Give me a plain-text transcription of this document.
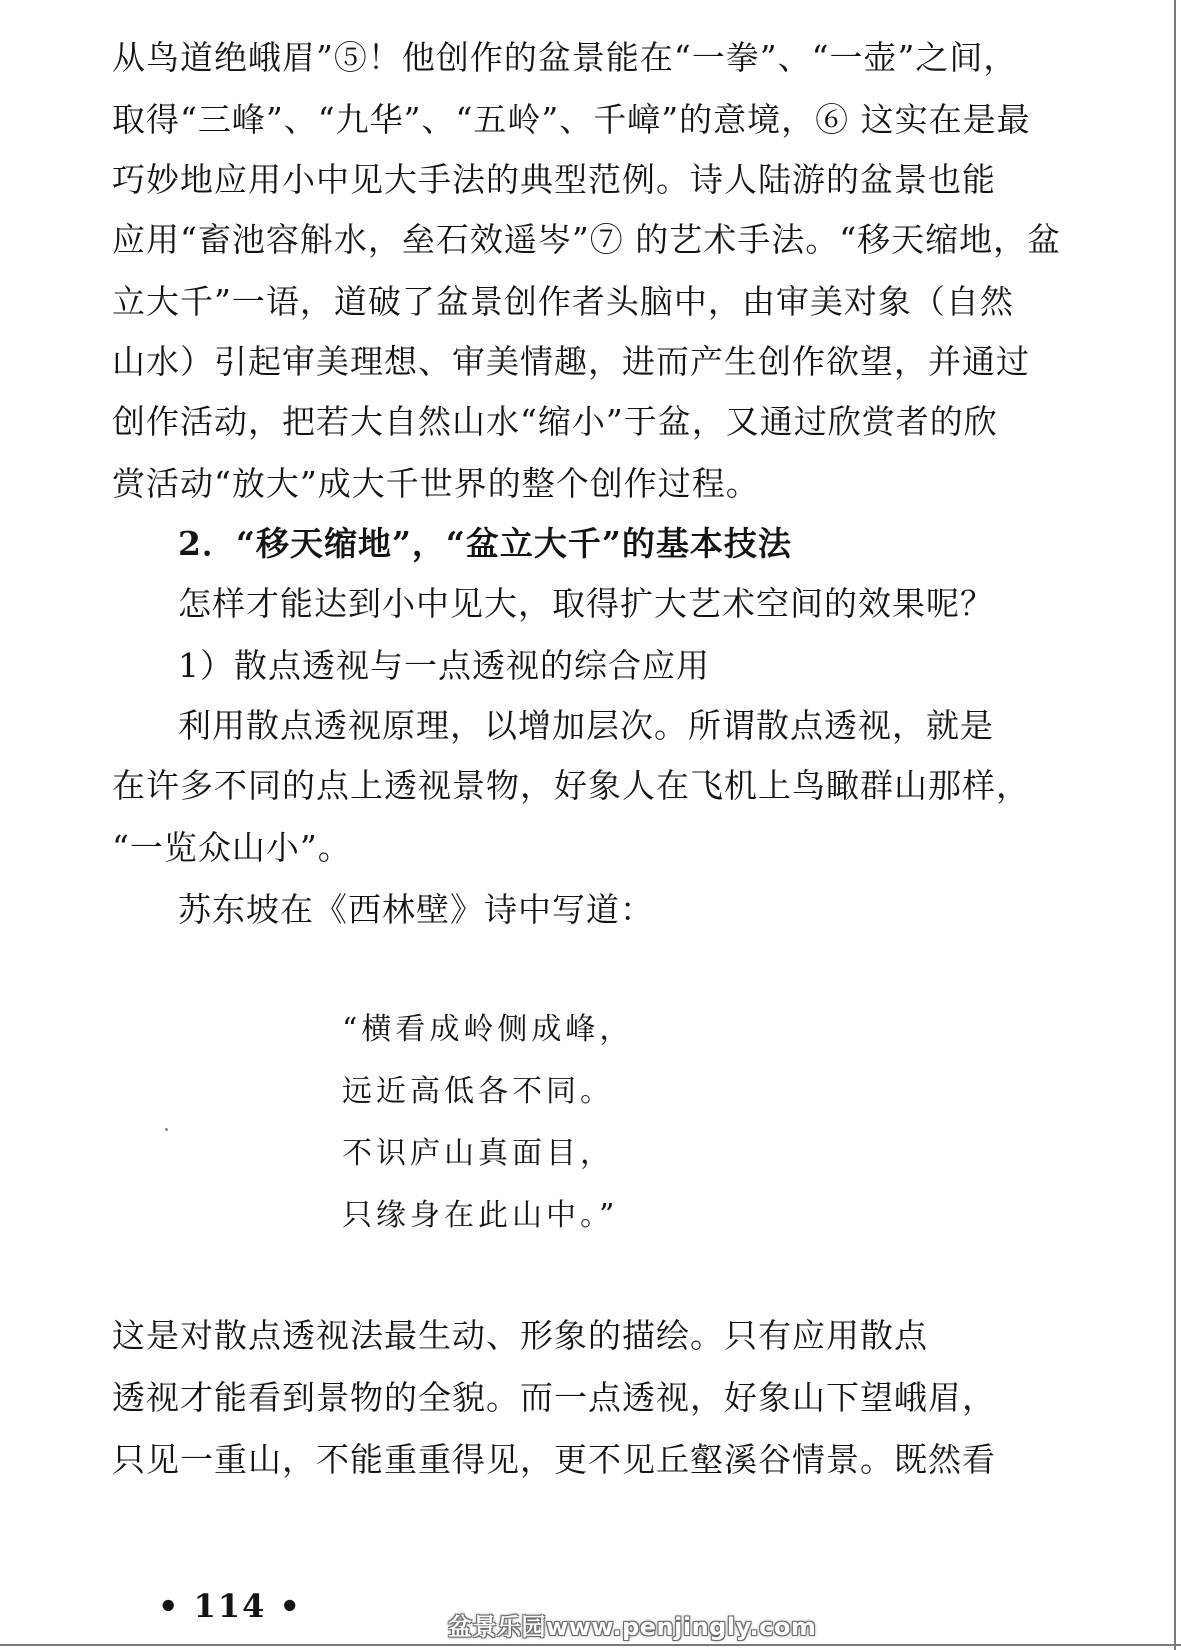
从鸟道绝峨眉”⑤！他创作的盆景能在“一拳”、“一壶”之间，
取得“三峰”、“九华”、“五岭”、千嶂”的意境，⑥ 这实在是最
巧妙地应用小中见大手法的典型范例。诗人陆游的盆景也能
应用“畜池容斛水，垒石效遥岑”⑦ 的艺术手法。“移天缩地，盆
立大千”一语，道破了盆景创作者头脑中，由审美对象（自然
山水）引起审美理想、审美情趣，进而产生创作欲望，并通过
创作活动，把若大自然山水“缩小”于盆，又通过欣赏者的欣
赏活动“放大”成大千世界的整个创作过程。
2．“移天缩地”，“盆立大千”的基本技法
怎样才能达到小中见大，取得扩大艺术空间的效果呢？
1）散点透视与一点透视的综合应用
利用散点透视原理，以增加层次。所谓散点透视，就是
在许多不同的点上透视景物，好象人在飞机上鸟瞰群山那样，
“一览众山小”。
苏东坡在《西林壁》诗中写道：
“横看成岭侧成峰，
远近高低各不同。
不识庐山真面目，
只缘身在此山中。”
这是对散点透视法最生动、形象的描绘。只有应用散点
透视才能看到景物的全貌。而一点透视，好象山下望峨眉，
只见一重山，不能重重得见，更不见丘壑溪谷情景。既然看
• 114 •
盆景乐园www.penjingly.com
